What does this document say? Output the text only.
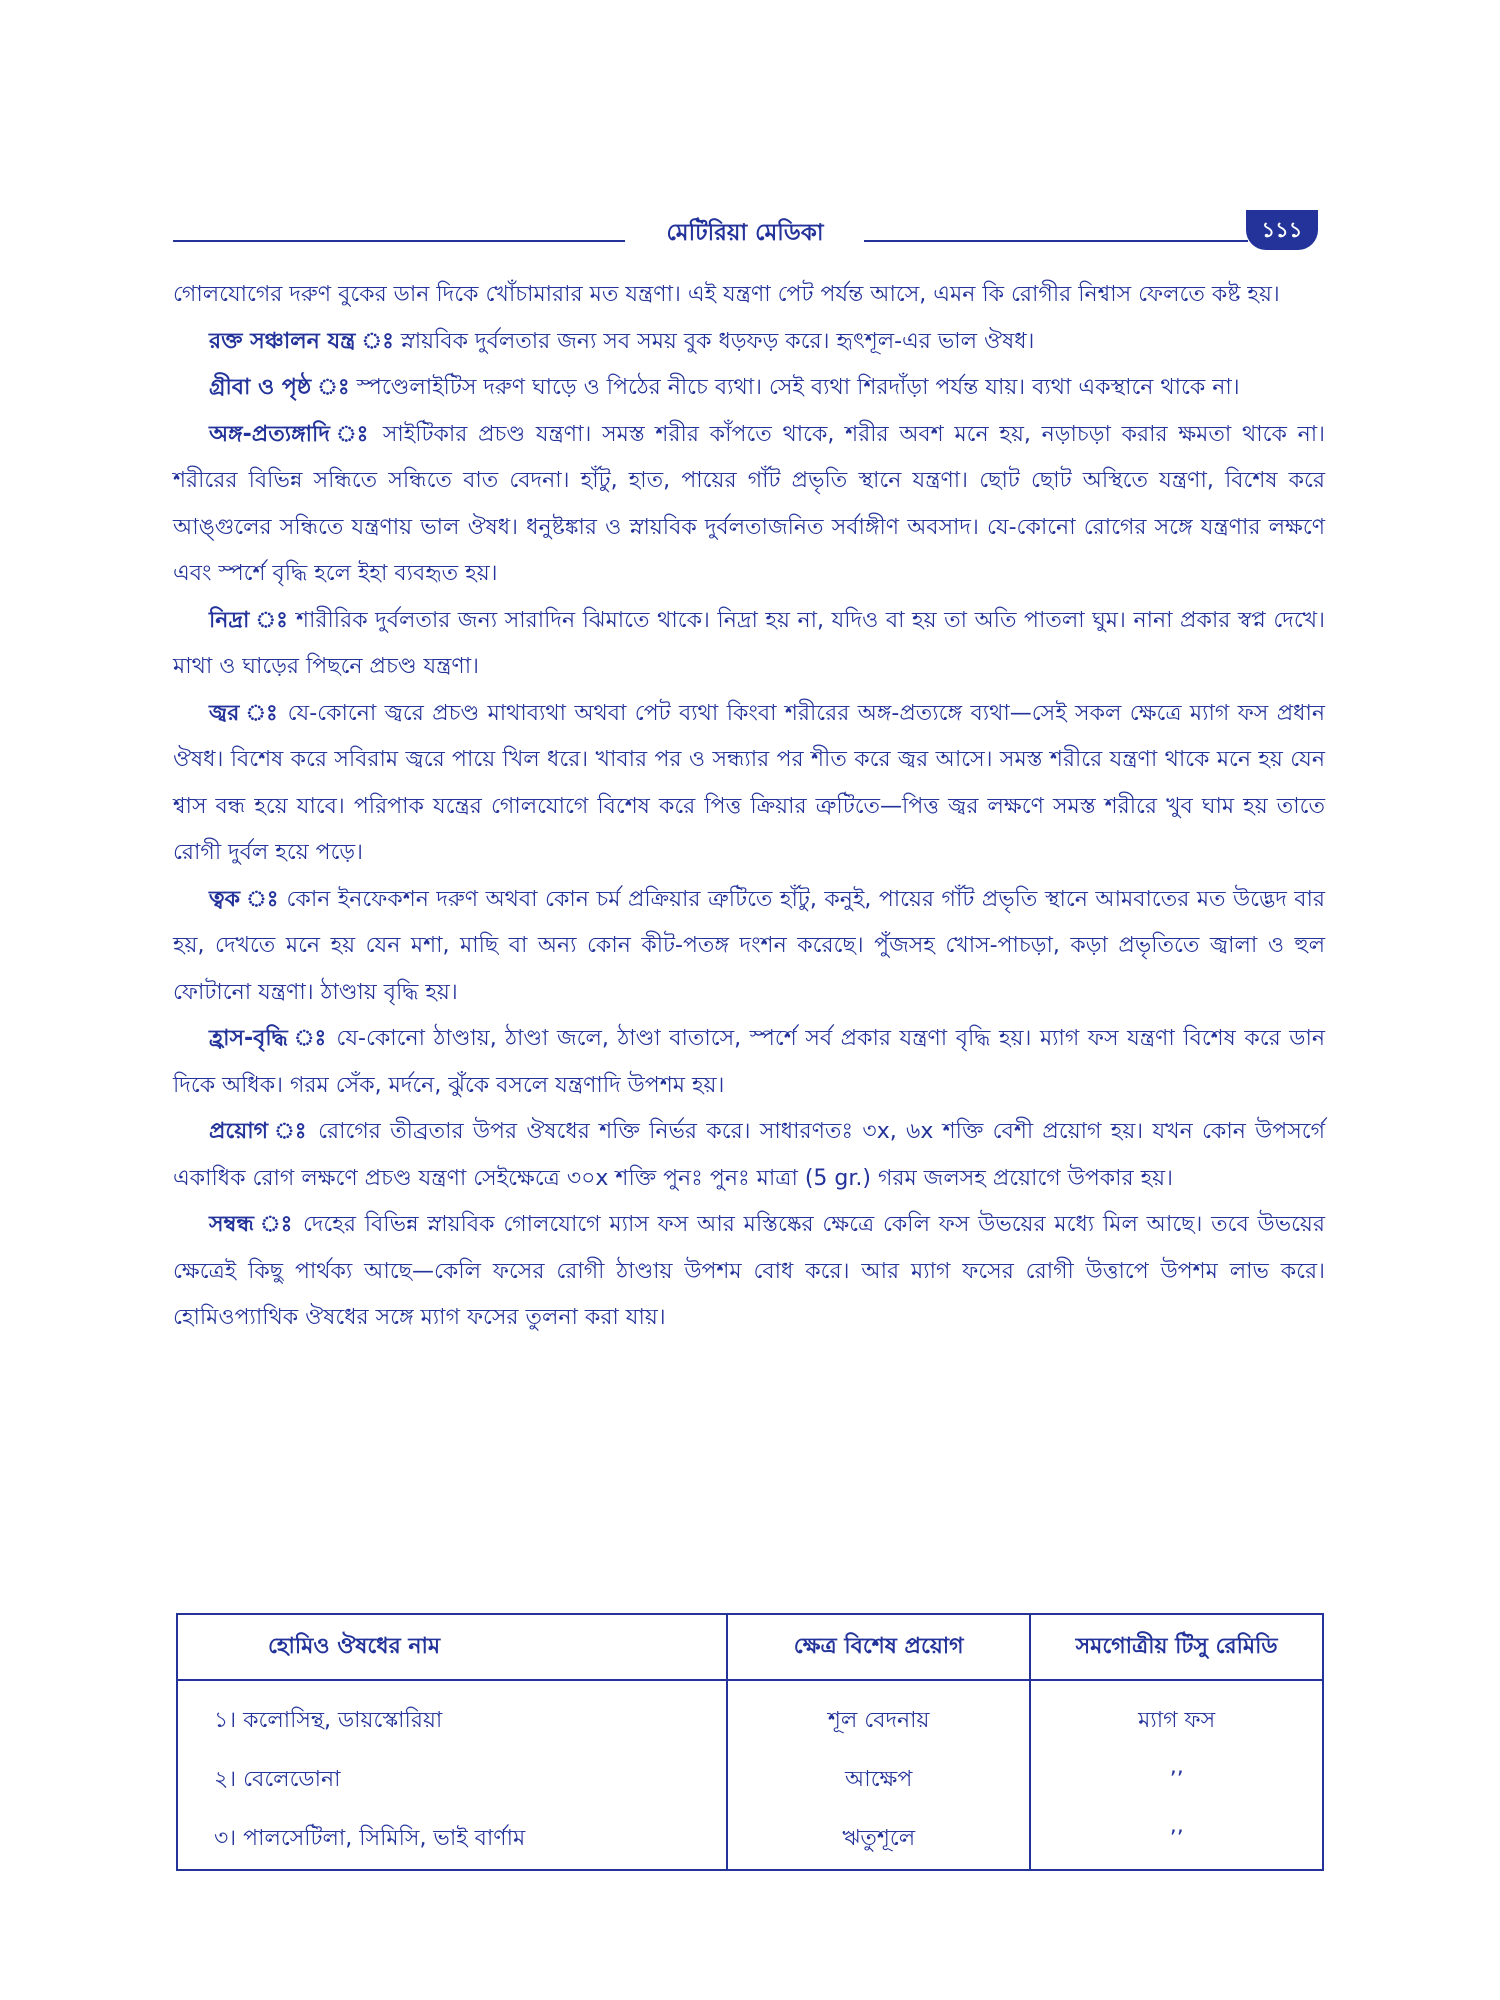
মেটিরিয়া মেডিকা	১১১

গোলযোগের দরুণ বুকের ডান দিকে খোঁচামারার মত যন্ত্রণা। এই যন্ত্রণা পেট পর্যন্ত আসে, এমন কি রোগীর নিশ্বাস ফেলতে কষ্ট হয়।

রক্ত সঞ্চালন যন্ত্র ঃ স্নায়বিক দুর্বলতার জন্য সব সময় বুক ধড়ফড় করে। হৃৎশূল-এর ভাল ঔষধ।

গ্রীবা ও পৃষ্ঠ ঃ স্পণ্ডেলাইটিস দরুণ ঘাড়ে ও পিঠের নীচে ব্যথা। সেই ব্যথা শিরদাঁড়া পর্যন্ত যায়। ব্যথা একস্থানে থাকে না।

অঙ্গ-প্রত্যঙ্গাদি ঃ সাইটিকার প্রচণ্ড যন্ত্রণা। সমস্ত শরীর কাঁপতে থাকে, শরীর অবশ মনে হয়, নড়াচড়া করার ক্ষমতা থাকে না। শরীরের বিভিন্ন সন্ধিতে সন্ধিতে বাত বেদনা। হাঁটু, হাত, পায়ের গাঁট প্রভৃতি স্থানে যন্ত্রণা। ছোট ছোট অস্থিতে যন্ত্রণা, বিশেষ করে আঙ্গুলের সন্ধিতে যন্ত্রণায় ভাল ঔষধ। ধনুষ্টঙ্কার ও স্নায়বিক দুর্বলতাজনিত সর্বাঙ্গীণ অবসাদ। যে-কোনো রোগের সঙ্গে যন্ত্রণার লক্ষণে এবং স্পর্শে বৃদ্ধি হলে ইহা ব্যবহৃত হয়।

নিদ্রা ঃ শারীরিক দুর্বলতার জন্য সারাদিন ঝিমাতে থাকে। নিদ্রা হয় না, যদিও বা হয় তা অতি পাতলা ঘুম। নানা প্রকার স্বপ্ন দেখে। মাথা ও ঘাড়ের পিছনে প্রচণ্ড যন্ত্রণা।

জ্বর ঃ যে-কোনো জ্বরে প্রচণ্ড মাথাব্যথা অথবা পেট ব্যথা কিংবা শরীরের অঙ্গ-প্রত্যঙ্গে ব্যথা—সেই সকল ক্ষেত্রে ম্যাগ ফস প্রধান ঔষধ। বিশেষ করে সবিরাম জ্বরে পায়ে খিল ধরে। খাবার পর ও সন্ধ্যার পর শীত করে জ্বর আসে। সমস্ত শরীরে যন্ত্রণা থাকে মনে হয় যেন শ্বাস বন্ধ হয়ে যাবে। পরিপাক যন্ত্রের গোলযোগে বিশেষ করে পিত্ত ক্রিয়ার ত্রুটিতে—পিত্ত জ্বর লক্ষণে সমস্ত শরীরে খুব ঘাম হয় তাতে রোগী দুর্বল হয়ে পড়ে।

ত্বক ঃ কোন ইনফেকশন দরুণ অথবা কোন চর্ম প্রক্রিয়ার ত্রুটিতে হাঁটু, কনুই, পায়ের গাঁট প্রভৃতি স্থানে আমবাতের মত উদ্ভেদ বার হয়, দেখতে মনে হয় যেন মশা, মাছি বা অন্য কোন কীট-পতঙ্গ দংশন করেছে। পুঁজসহ খোস-পাচড়া, কড়া প্রভৃতিতে জ্বালা ও হুল ফোটানো যন্ত্রণা। ঠাণ্ডায় বৃদ্ধি হয়।

হ্রাস-বৃদ্ধি ঃ যে-কোনো ঠাণ্ডায়, ঠাণ্ডা জলে, ঠাণ্ডা বাতাসে, স্পর্শে সর্ব প্রকার যন্ত্রণা বৃদ্ধি হয়। ম্যাগ ফস যন্ত্রণা বিশেষ করে ডান দিকে অধিক। গরম সেঁক, মর্দনে, ঝুঁকে বসলে যন্ত্রণাদি উপশম হয়।

প্রয়োগ ঃ রোগের তীব্রতার উপর ঔষধের শক্তি নির্ভর করে। সাধারণতঃ ৩x, ৬x শক্তি বেশী প্রয়োগ হয়। যখন কোন উপসর্গে একাধিক রোগ লক্ষণে প্রচণ্ড যন্ত্রণা সেইক্ষেত্রে ৩০x শক্তি পুনঃ পুনঃ মাত্রা (5 gr.) গরম জলসহ প্রয়োগে উপকার হয়।

সম্বন্ধ ঃ দেহের বিভিন্ন স্নায়বিক গোলযোগে ম্যাস ফস আর মস্তিষ্কের ক্ষেত্রে কেলি ফস উভয়ের মধ্যে মিল আছে। তবে উভয়ের ক্ষেত্রেই কিছু পার্থক্য আছে—কেলি ফসের রোগী ঠাণ্ডায় উপশম বোধ করে। আর ম্যাগ ফসের রোগী উত্তাপে উপশম লাভ করে। হোমিওপ্যাথিক ঔষধের সঙ্গে ম্যাগ ফসের তুলনা করা যায়।

হোমিও ঔষধের নাম	ক্ষেত্র বিশেষ প্রয়োগ	সমগোত্রীয় টিসু রেমিডি
১। কলোসিন্থ, ডায়স্কোরিয়া	শূল বেদনায়	ম্যাগ ফস
২। বেলেডোনা	আক্ষেপ	’’
৩। পালসেটিলা, সিমিসি, ভাই বার্ণাম	ঋতুশূলে	’’
